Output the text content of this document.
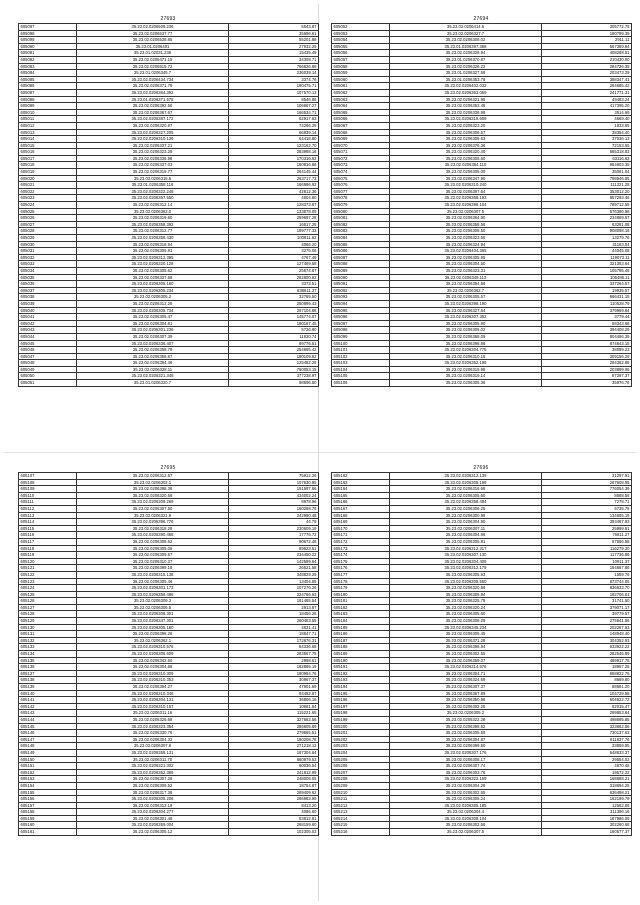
27693
605097	35.23.02.0206509.236	5543.87
605098	35.23.02.0206537.77	35696.61
605099	35.23.02.0206538.85	55201.88
605060	35.23.01.0206401	27932.25
605081	35.23.01.02031.236	15435.49
605082	35.23.02.0206471.15	34308.71
605083	35.23.02.0206515.72	766626.88
605084	35.23.01.0206345.7	236039.14
605085	35.23.02.0206434.734	3374.76
605086	35.23.02.0206371.79	180475.71
605087	35.23.02.0206364.392	107570.13
605088	35.23.01.0206371.578	8546.86
605089	35.23.02.0206392.56	106667.27
605010	35.23.02.0206367.67	166534.71
605011	35.23.02.0206387.172	62917.63
605012	35.23.02.0206320.97	74266.29
605013	35.23.02.0206327.205	66839.14
605014	35.23.02.0206310.136	64418.80
605015	35.23.02.0206337.21	123162.70
605016	35.23.02.0206323.28	283988.16
605017	35.23.02.0206336.98	170316.92
605018	35.23.02.0206337.03	180816.88
605019	35.23.02.0206319.77	264145.44
605020	35.23.02.0206315.6	263717.73
605021	35.23.01.0206358.116	166986.92
605022	35.23.02.0206322.248	42812.36
605023	35.23.02.0206357.550	4604.80
605024	35.23.02.0206312.14	128373.67
605025	35.23.02.0206362.0	133878.09
605026	35.23.02.0206319.60	259697.28
605027	35.23.02.0206358.392	16517.25
605028	35.23.02.0206312.77	199777.33
605029	35.23.02.0206358.430	100811.62
605030	35.23.02.0206318.94	4066.20
605031	35.23.02.0206305.91	3275.06
605032	35.23.02.0206312.395	4767.49
605033	35.23.02.0206320.128	127469.58
605034	35.23.02.0206305.62	25674.87
605035	35.23.02.0206337.68	282800.82
605036	35.23.02.0206305.160	3373.51
605037	35.23.02.0206305.234	638611.37
605038	35.23.02.0206305.2	32765.50
605039	35.23.02.0206312.28	250899.43
605040	35.23.02.0206305.734	267104.88
605041	35.23.02.0206305.47	145774.07
605042	35.23.02.0206304.81	180187.45
605043	35.23.02.0206301.236	5726.90
605044	35.23.02.0206307.39	11830.74
605045	35.23.02.0206336.407	99776.51
605046	35.23.02.0206358.79	254965.42
605047	35.23.02.0206358.67	180109.82
605048	35.23.02.0206394.46	125482.28
605049	35.23.02.0206328.11	760053.15
605050	35.23.02.0206321.348	377238.97
605051	35.23.01.0206320.7	98696.80
27694
605052	35.23.02.0206414.5	305772.75
605053	35.23.02.0206327.7	180799.39
605054	35.23.02.0206308.02	2911.11
605055	35.23.01.0206397.368	567389.84
605056	35.23.02.0206328.94	408268.51
605057	35.23.01.0206370.87	210430.00
605058	35.23.02.0206326.22	284726.35
605059	35.23.01.0206327.58	203473.29
605060	35.23.01.0206353.78	388347.41
605061	35.23.02.0206402.032	264685.42
605062	35.23.02.0206363.059	241771.31
605063	35.23.02.0206321.95	49483.24
605064	35.23.02.0206353.48	417395.20
605065	35.23.02.0206336.99	3514.69
605066	35.23.02.0206319.609	4669.40
605067	35.23.02.0206323.20	1833.65
605068	35.23.02.0206306.57	38354.40
605069	35.23.02.0206305.63	37036.13
605070	35.23.02.0206376.36	72153.65
605071	35.23.02.0206320.40	685318.83
605072	35.23.02.0206305.60	63116.63
605073	35.23.02.0206364.110	954603.35
605074	35.23.02.0206305.00	35081.04
605075	35.23.02.0206347.90	798946.85
605076	35.23.02.0206310.240	111321.28
605077	35.23.02.0206397.64	353012.20
605078	35.23.02.0206368.193	857293.46
605079	35.23.02.0206398.104	789712.59
605080	35.23.02.0206307.5	576386.98
605081	35.23.02.0206364.90	234869.67
605082	35.23.02.0206358.58	63281.08
605083	35.23.02.0206308.50	908098.16
605084	35.23.02.0206323.56	13279.76
605085	35.23.02.0206324.94	31163.04
605086	35.23.02.0206404.365	44045.08
605087	35.23.02.0206305.95	119073.11
605088	35.23.02.0206304.50	321363.64
605089	35.23.02.0206323.31	105795.45
605090	35.23.02.0206349.113	106486.11
605091	35.23.02.0206394.66	337264.57
605092	35.23.02.0206362.7	19935.57
605093	35.23.02.0206305.57	666431.15
605094	35.23.02.0206398.190	110528.79
605095	35.23.02.0206327.64	379969.84
605096	35.23.02.0206307.382	3779.44
605097	35.23.02.0206305.90	58343.68
605098	35.23.02.0206305.02	394408.29
605099	35.23.02.0206368.09	804466.39
605100	35.23.02.0206398.86	874643.15
605101	35.23.02.0206304.775	38089.23
605102	35.23.02.0206310.15	309156.29
605103	35.23.02.0206352.198	294362.88
605104	35.23.02.0206315.98	203899.06
605105	35.23.02.0206319.14	87287.37
605106	35.23.02.0206305.38	35976.76
27695
605107	35.23.02.0206312.57	75912.26
605108	35.23.02.0206302.1	107630.85
605109	35.23.02.0206398.36	191597.86
605110	35.23.02.0206320.58	434002.24
605111	35.23.02.0206309.269	8978.96
605112	35.23.02.0206307.50	160288.76
605113	35.23.02.0206321.9	242990.48
605114	35.23.02.0206396.776	44.79
605115	35.23.02.0206318.28	230609.19
605116	35.23.02.0206390.468	17776.72
605117	35.23.02.0206308.62	90672.46
605118	35.23.02.0206305.09	89623.51
605119	35.23.02.0206309.67	234450.22
605120	35.23.02.0206310.37	142599.64
605121	35.23.02.0206399.18	26521.58
605122	35.23.02.0206315.138	348829.25
605123	35.23.02.0206305.46	13404.85
605124	35.23.02.0206301.173	107276.26
605125	35.23.02.0206358.496	224766.63
605126	35.23.02.0206309.3	161465.54
605127	35.23.02.0206305.5	2913.87
605128	35.23.02.0206306.301	18456.28
605129	35.23.02.0206347.301	260463.55
605130	35.23.02.0206305.160	4631.41
605131	35.23.02.0206398.26	18847.71
605132	35.23.02.0206362.1	172676.31
605133	35.23.02.0206310.576	84336.68
605134	35.23.02.0206306.609	283567.75
605135	35.23.02.0206342.60	2998.61
605136	35.23.02.0206304.68	182885.19
605137	35.23.02.0206310.309	180984.76
605138	35.23.02.0206310.353	30967.37
605139	35.23.02.0206394.27	47901.69
605140	35.23.02.0206310.346	94452.87
605141	35.23.02.0206304.131	36806.16
605142	35.23.02.0206310.157	10681.84
605143	35.23.02.0206311.16	115221.65
605144	35.23.02.0206325.68	327682.56
605145	35.23.02.0206323.354	286605.89
605146	35.23.02.0206330.76	279665.51
605147	35.23.02.0206304.32	180208.78
605148	35.23.02.0206307.8	271218.12
605149	35.23.02.0206358.131	187304.64
605150	35.23.02.0206311.70	660979.53
605151	35.23.02.0206321.302	60036.54
605152	35.23.02.0206352.389	241812.99
605153	35.23.02.0206307.28	248008.05
605154	35.23.02.0206308.52	18754.87
605155	35.23.02.0206317.38	289409.62
605156	35.23.02.0206305.206	286983.99
605157	35.23.02.0206312.19	8413.20
605158	35.23.02.0206304.277	4086.60
605159	35.23.02.0206301.48	83612.81
605160	35.23.02.0206359.004	268159.60
605161	35.23.02.0206305.12	102305.03
27696
605162	35.23.02.0206312.139	31297.91
605163	35.23.02.0206305.199	267608.95
605164	35.23.02.0206316.68	776054.39
605165	35.23.02.0206305.60	8688.58
605166	35.23.02.0206358.484	7278.71
605167	35.23.02.0206306.25	6735.75
605168	35.23.02.0206300.99	134685.19
605169	35.23.02.0206304.90	393487.83
605170	35.23.02.0206307.11	25999.61
605171	35.23.02.0206304.96	76811.27
605172	35.23.02.0206305.81	67666.58
605173	35.23.02.0206312.317	116279.20
605174	35.23.02.0206307.130	117736.86
605175	35.23.02.0206304.409	10911.37
605176	35.23.02.0206312.179	164667.86
605177	35.23.02.0206305.93	1559.76
605178	35.23.02.0206308.550	873744.05
605179	35.23.02.0206320.66	836633.70
605180	35.23.02.0206305.94	182706.61
605181	35.23.02.0206325.79	31741.50
605182	35.23.02.0206320.24	379071.17
605183	35.23.02.0206305.60	39779.57
605184	35.23.02.0206308.29	275641.86
605185	35.23.02.0206345.234	202267.63
605186	35.23.02.0206305.45	148948.40
605187	35.23.02.0206371.28	304352.93
605188	35.23.02.0206398.94	633922.22
605189	35.23.02.0206302.55	282546.89
605190	35.23.02.0206359.37	469917.75
605191	35.23.02.0206314.576	18957.25
605192	35.23.02.0206304.71	658822.76
605193	35.23.02.0206324.69	8669.80
605194	35.23.02.0206307.37	68681.20
605195	35.23.02.0206367.89	104729.58
605196	35.23.02.0206350.98	604522.72
605197	35.23.02.0206302.25	82015.47
605198	35.23.02.0206305.2	299853.84
605199	35.23.02.0206322.28	498695.85
605200	35.23.02.0206398.52	323662.56
605201	35.23.02.0206305.59	730137.63
605202	35.23.02.0206304.87	811637.76
605203	35.23.02.0206399.50	33859.85
605204	35.23.02.0206307.176	648633.37
605205	35.23.02.0206308.17	29554.02
605206	35.23.02.0206307.74	4870.48
605207	35.23.02.0206303.76	19572.22
605208	35.23.02.0206322.169	168688.21
605209	35.23.02.0206304.28	318694.25
605210	35.23.02.0206302.55	636498.21
605211	35.23.02.0206305.24	162199.79
605212	35.23.02.0206365.185	12562.08
605213	35.23.02.0206304.4	311396.16
605214	35.23.02.0206308.104	167986.09
605215	35.23.02.0206302.56	302260.68
605216	35.23.02.0206307.5	160577.37
